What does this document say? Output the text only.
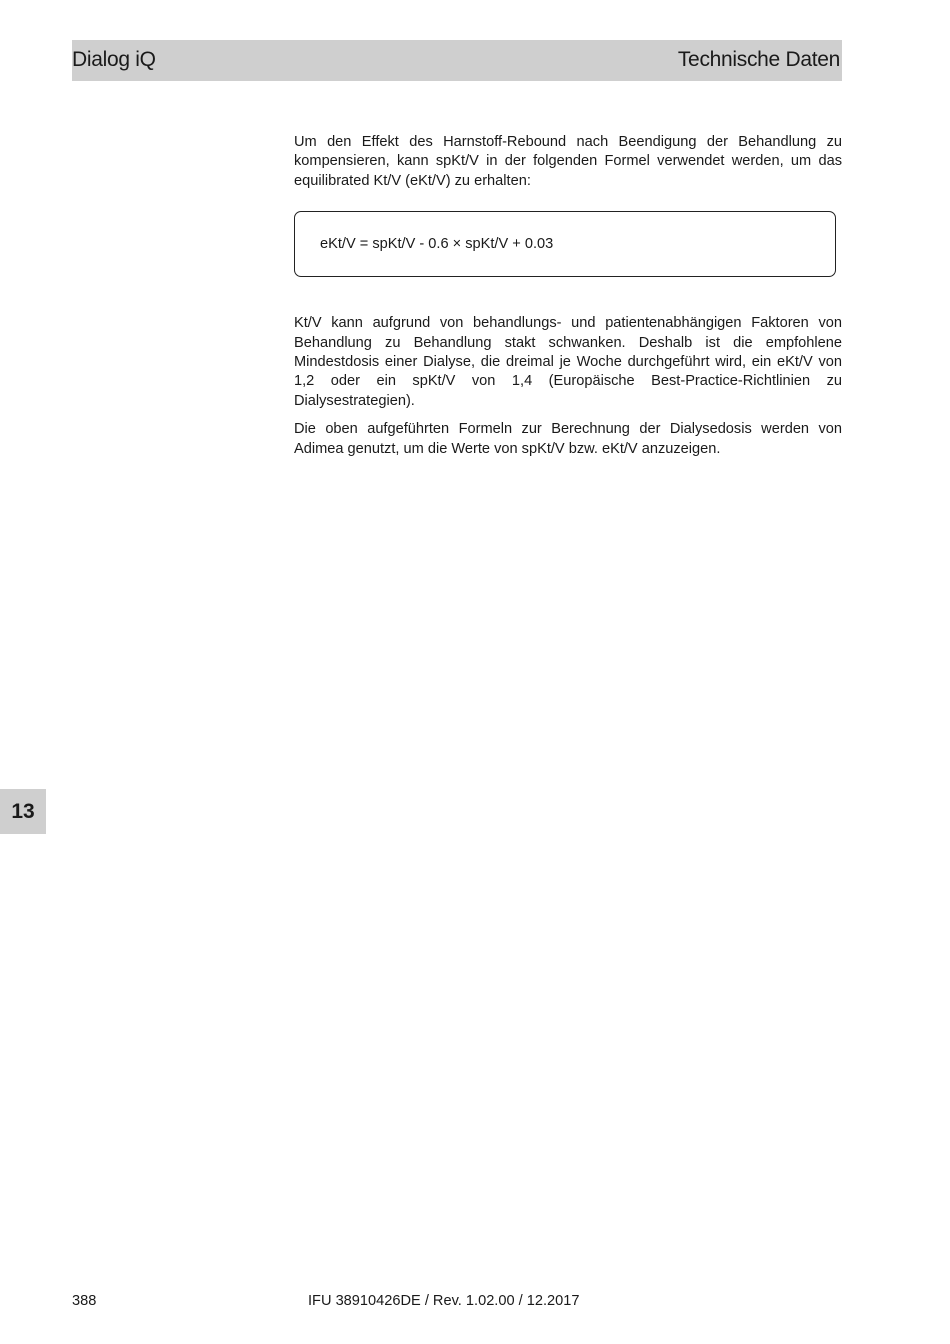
Dialog iQ	Technische Daten

Um den Effekt des Harnstoff-Rebound nach Beendigung der Behandlung zu kompensieren, kann spKt/V in der folgenden Formel verwendet werden, um das equilibrated Kt/V (eKt/V) zu erhalten:

eKt/V = spKt/V - 0.6 × spKt/V + 0.03

Kt/V kann aufgrund von behandlungs- und patientenabhängigen Faktoren von Behandlung zu Behandlung stakt schwanken. Deshalb ist die empfohlene Mindestdosis einer Dialyse, die dreimal je Woche durchgeführt wird, ein eKt/V von 1,2 oder ein spKt/V von 1,4 (Europäische Best-Practice-Richtlinien zu Dialysestrategien).

Die oben aufgeführten Formeln zur Berechnung der Dialysedosis werden von Adimea genutzt, um die Werte von spKt/V bzw. eKt/V anzuzeigen.

13
388	IFU 38910426DE / Rev. 1.02.00 / 12.2017
